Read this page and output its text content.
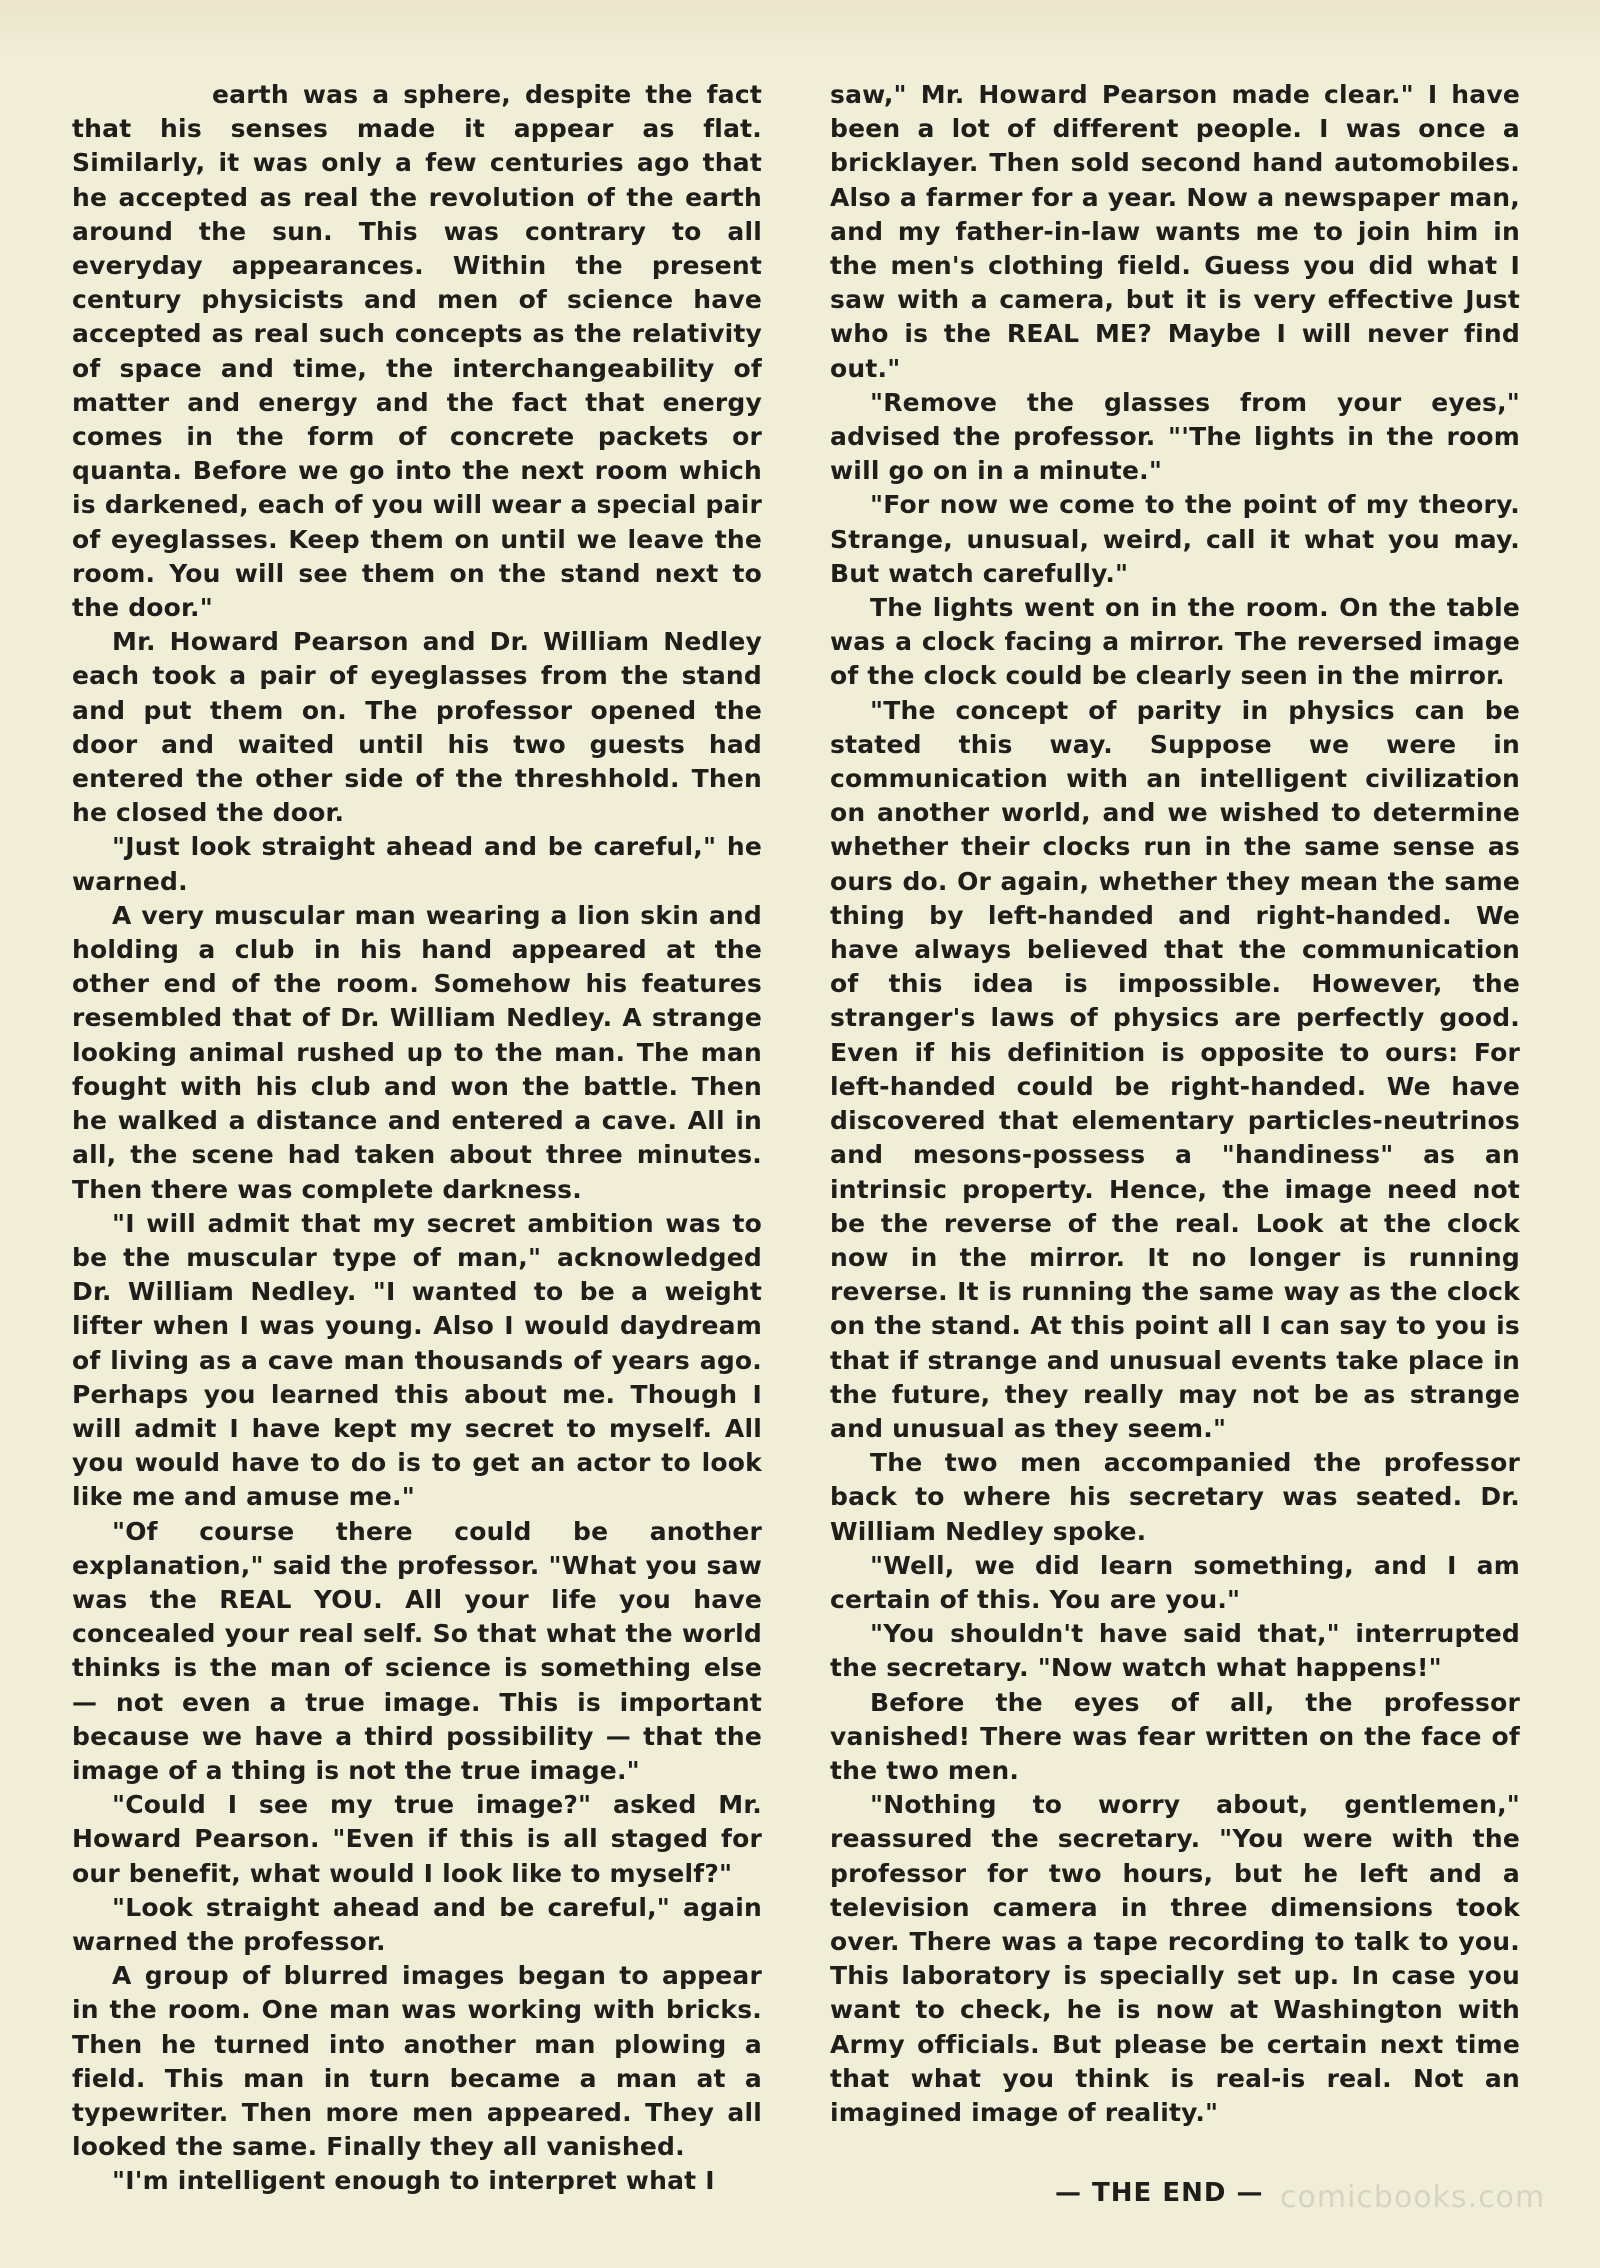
earth was a sphere, despite the fact that his senses made it appear as flat. Similarly, it was only a few centuries ago that he accepted as real the revolution of the earth around the sun. This was contrary to all everyday appearances. Within the present century physicists and men of science have accepted as real such concepts as the relativity of space and time, the interchangeability of matter and energy and the fact that energy comes in the form of concrete packets or quanta. Before we go into the next room which is darkened, each of you will wear a special pair of eyeglasses. Keep them on until we leave the room. You will see them on the stand next to the door."

Mr. Howard Pearson and Dr. William Nedley each took a pair of eyeglasses from the stand and put them on. The professor opened the door and waited until his two guests had entered the other side of the threshhold. Then he closed the door.

"Just look straight ahead and be careful," he warned.

A very muscular man wearing a lion skin and holding a club in his hand appeared at the other end of the room. Somehow his features resembled that of Dr. William Nedley. A strange looking animal rushed up to the man. The man fought with his club and won the battle. Then he walked a distance and entered a cave. All in all, the scene had taken about three minutes. Then there was complete darkness.

"I will admit that my secret ambition was to be the muscular type of man," acknowledged Dr. William Nedley. "I wanted to be a weight lifter when I was young. Also I would daydream of living as a cave man thousands of years ago. Perhaps you learned this about me. Though I will admit I have kept my secret to myself. All you would have to do is to get an actor to look like me and amuse me."

"Of course there could be another explanation," said the professor. "What you saw was the REAL YOU. All your life you have concealed your real self. So that what the world thinks is the man of science is something else — not even a true image. This is important because we have a third possibility — that the image of a thing is not the true image."

"Could I see my true image?" asked Mr. Howard Pearson. "Even if this is all staged for our benefit, what would I look like to myself?"

"Look straight ahead and be careful," again warned the professor.

A group of blurred images began to appear in the room. One man was working with bricks. Then he turned into another man plowing a field. This man in turn became a man at a typewriter. Then more men appeared. They all looked the same. Finally they all vanished.

"I'm intelligent enough to interpret what I

saw," Mr. Howard Pearson made clear." I have been a lot of different people. I was once a bricklayer. Then sold second hand automobiles. Also a farmer for a year. Now a newspaper man, and my father-in-law wants me to join him in the men's clothing field. Guess you did what I saw with a camera, but it is very effective Just who is the REAL ME? Maybe I will never find out."

"Remove the glasses from your eyes," advised the professor. "'The lights in the room will go on in a minute."

"For now we come to the point of my theory. Strange, unusual, weird, call it what you may. But watch carefully."

The lights went on in the room. On the table was a clock facing a mirror. The reversed image of the clock could be clearly seen in the mirror.

"The concept of parity in physics can be stated this way. Suppose we were in communication with an intelligent civilization on another world, and we wished to determine whether their clocks run in the same sense as ours do. Or again, whether they mean the same thing by left-handed and right-handed. We have always believed that the communication of this idea is impossible. However, the stranger's laws of physics are perfectly good. Even if his definition is opposite to ours: For left-handed could be right-handed. We have discovered that elementary particles-neutrinos and mesons-possess a "handiness" as an intrinsic property. Hence, the image need not be the reverse of the real. Look at the clock now in the mirror. It no longer is running reverse. It is running the same way as the clock on the stand. At this point all I can say to you is that if strange and unusual events take place in the future, they really may not be as strange and unusual as they seem."

The two men accompanied the professor back to where his secretary was seated. Dr. William Nedley spoke.

"Well, we did learn something, and I am certain of this. You are you."

"You shouldn't have said that," interrupted the secretary. "Now watch what happens!"

Before the eyes of all, the professor vanished! There was fear written on the face of the two men.

"Nothing to worry about, gentlemen," reassured the secretary. "You were with the professor for two hours, but he left and a television camera in three dimensions took over. There was a tape recording to talk to you. This laboratory is specially set up. In case you want to check, he is now at Washington with Army officials. But please be certain next time that what you think is real-is real. Not an imagined image of reality."

— THE END — comicbooks.com
